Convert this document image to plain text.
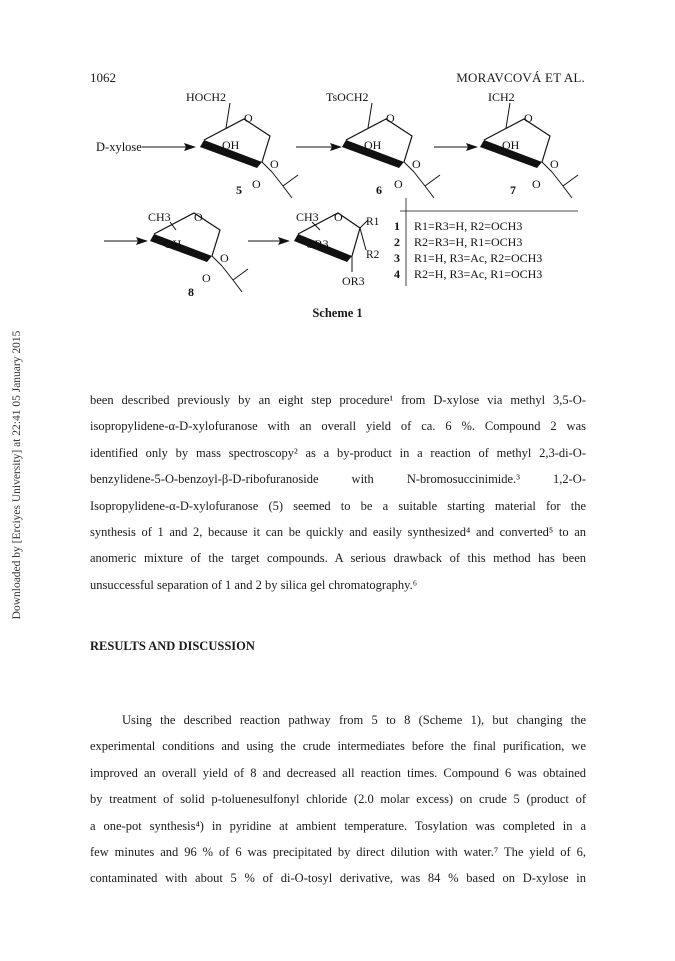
1062	MORAVCOVÁ ET AL.
Downloaded by [Erciyes University] at 22:41 05 January 2015
D-xylose
HOCH2
O
OH
O
O
5
TsOCH2
O
OH
O
O
6
ICH2
O
OH
O
O
7
CH3 O
OH
O
O
8
CH3 O
OR3
R1
R2
OR3
1 R1=R3=H, R2=OCH3
2 R2=R3=H, R1=OCH3
3 R1=H, R3=Ac, R2=OCH3
4 R2=H, R3=Ac, R1=OCH3
Scheme 1

been described previously by an eight step procedure¹ from D-xylose via methyl 3,5-O-
isopropylidene-α-D-xylofuranose with an overall yield of ca. 6 %. Compound 2 was
identified only by mass spectroscopy² as a by-product in a reaction of methyl 2,3-di-O-
benzylidene-5-O-benzoyl-β-D-ribofuranoside with N-bromosuccinimide.³ 1,2-O-
Isopropylidene-α-D-xylofuranose (5) seemed to be a suitable starting material for the
synthesis of 1 and 2, because it can be quickly and easily synthesized⁴ and converted⁵ to an
anomeric mixture of the target compounds. A serious drawback of this method has been
unsuccessful separation of 1 and 2 by silica gel chromatography.⁶

RESULTS AND DISCUSSION

Using the described reaction pathway from 5 to 8 (Scheme 1), but changing the
experimental conditions and using the crude intermediates before the final purification, we
improved an overall yield of 8 and decreased all reaction times. Compound 6 was obtained
by treatment of solid p-toluenesulfonyl chloride (2.0 molar excess) on crude 5 (product of
a one-pot synthesis⁴) in pyridine at ambient temperature. Tosylation was completed in a
few minutes and 96 % of 6 was precipitated by direct dilution with water.⁷ The yield of 6,
contaminated with about 5 % of di-O-tosyl derivative, was 84 % based on D-xylose in
